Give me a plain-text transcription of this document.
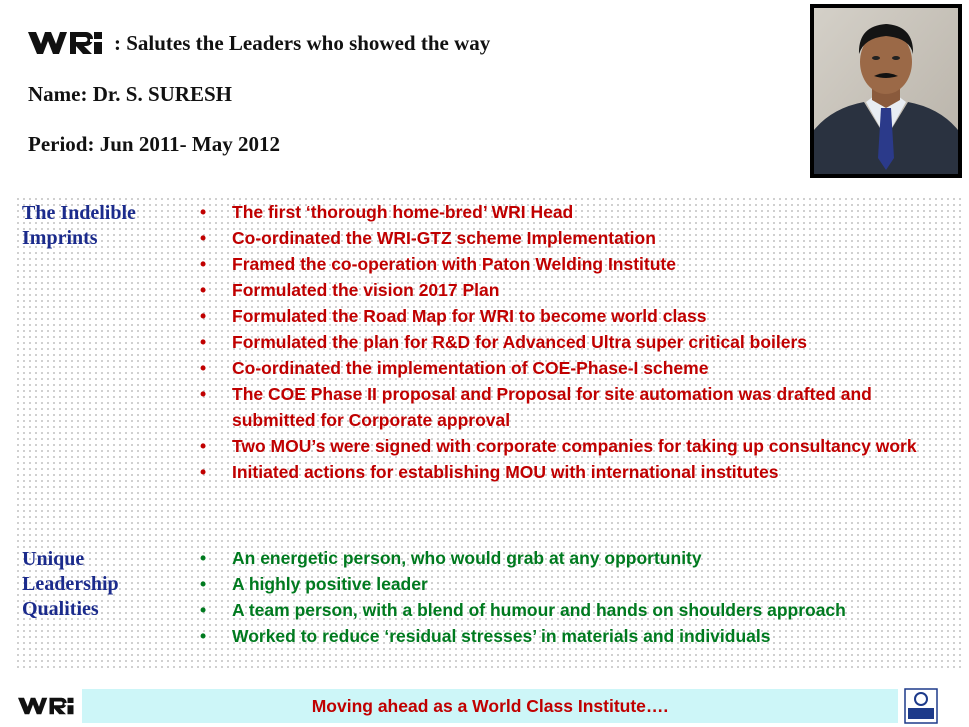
: Salutes the Leaders who showed the way
Name: Dr. S. SURESH
Period: Jun 2011- May 2012
The Indelible
Imprints
•	The first ‘thorough home-bred’ WRI Head
•	Co-ordinated the WRI-GTZ scheme Implementation
•	Framed the co-operation with Paton Welding Institute
•	Formulated the vision 2017 Plan
•	Formulated the Road Map for WRI to become world class
•	Formulated the plan for R&D for Advanced Ultra super critical boilers
•	Co-ordinated the implementation of COE-Phase-I scheme
•	The COE Phase II proposal and Proposal for site automation was drafted and submitted for Corporate approval
•	Two MOU’s were signed with corporate companies for taking up consultancy work
•	Initiated actions for establishing MOU with international institutes
Unique
Leadership
Qualities
•	An energetic person, who would grab at any opportunity
•	A highly positive leader
•	A team person, with a blend of humour and hands on shoulders approach
•	Worked to reduce ‘residual stresses’ in materials and individuals
Moving ahead as a World Class Institute….
